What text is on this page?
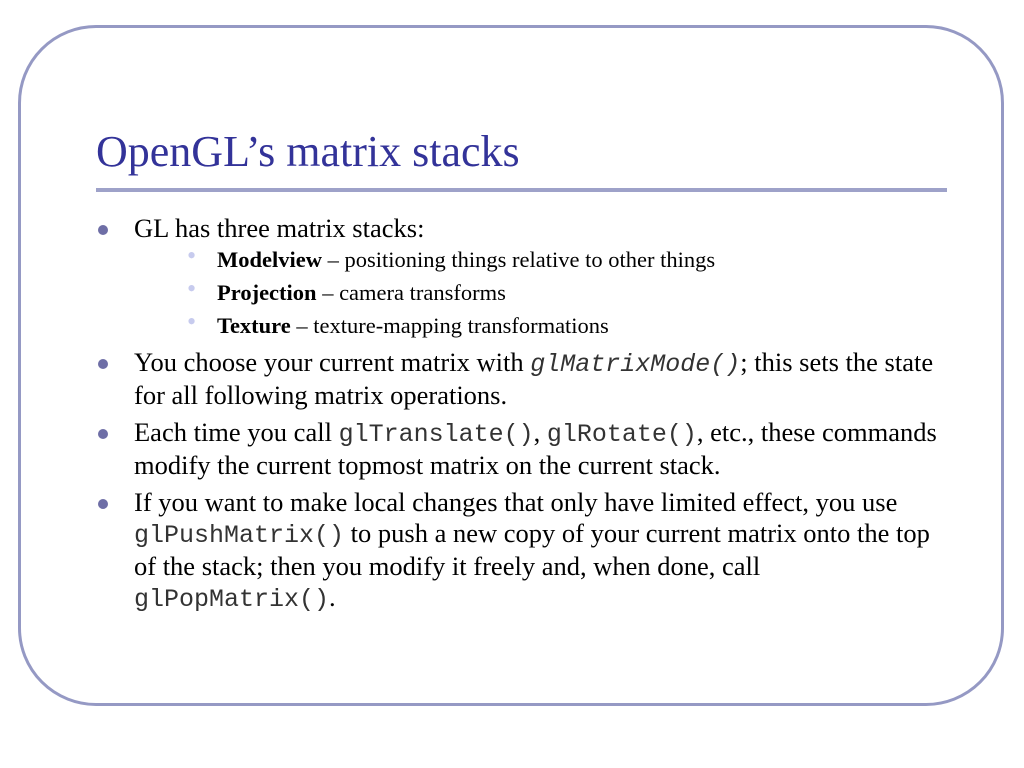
OpenGL’s matrix stacks
GL has three matrix stacks:
• Modelview – positioning things relative to other things
• Projection – camera transforms
• Texture – texture-mapping transformations
You choose your current matrix with glMatrixMode(); this sets the state for all following matrix operations.
Each time you call glTranslate(), glRotate(), etc., these commands modify the current topmost matrix on the current stack.
If you want to make local changes that only have limited effect, you use glPushMatrix() to push a new copy of your current matrix onto the top of the stack; then you modify it freely and, when done, call glPopMatrix().
